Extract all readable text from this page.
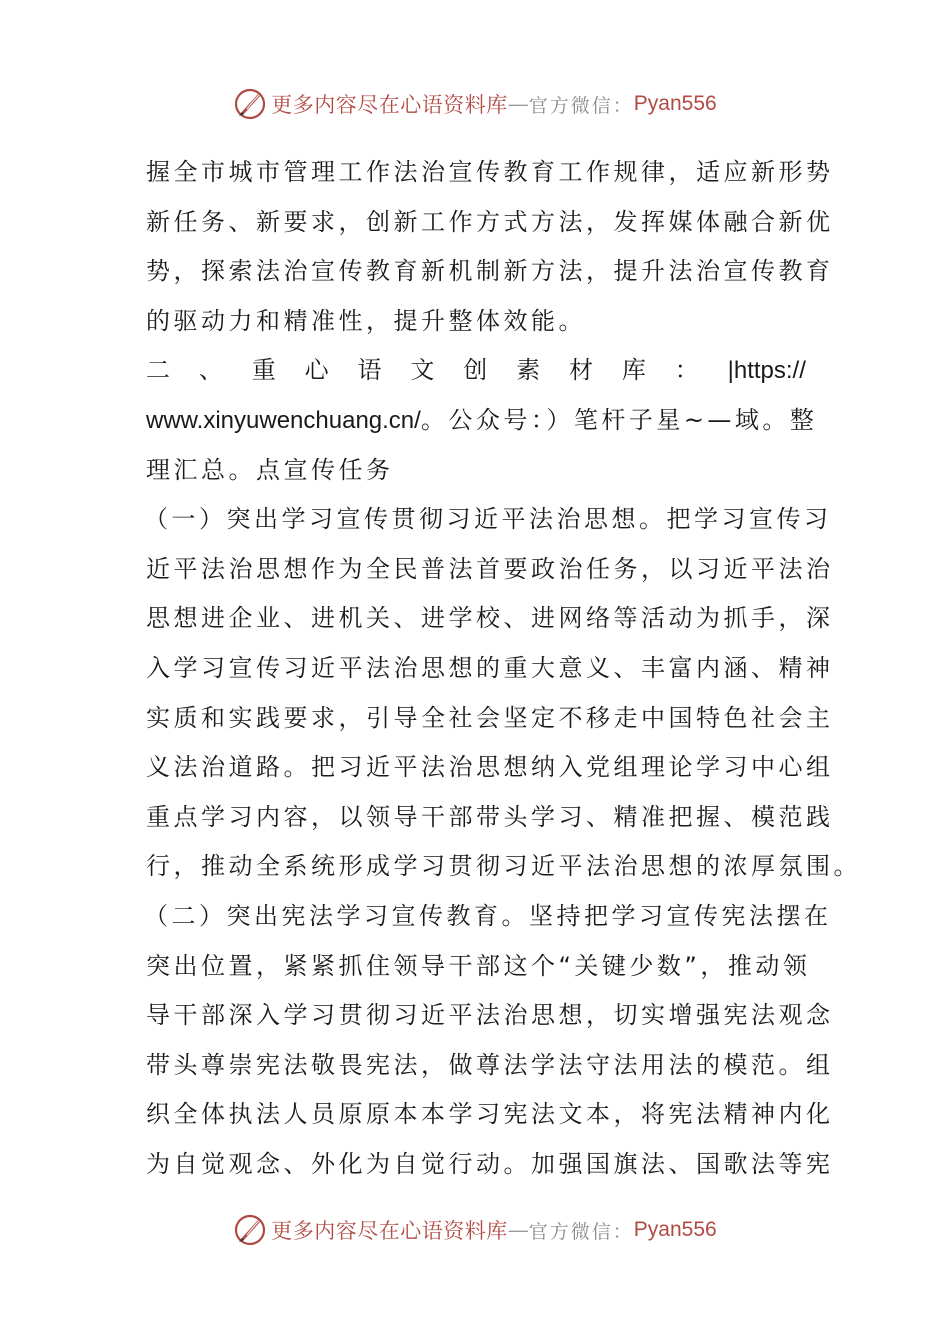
更多内容尽在心语资料库 — 官方微信： Pyan556
握全市城市管理工作法治宣传教育工作规律，适应新形势
新任务、新要求，创新工作方式方法，发挥媒体融合新优
势，探索法治宣传教育新机制新方法，提升法治宣传教育
的驱动力和精准性，提升整体效能。
二 、 重 心 语 文 创 素 材 库 ： |https://
www.xinyuwenchuang.cn/。公众号：）笔杆子星~—域。整
理汇总。点宣传任务
（一）突出学习宣传贯彻习近平法治思想。把学习宣传习
近平法治思想作为全民普法首要政治任务，以习近平法治
思想进企业、进机关、进学校、进网络等活动为抓手，深
入学习宣传习近平法治思想的重大意义、丰富内涵、精神
实质和实践要求，引导全社会坚定不移走中国特色社会主
义法治道路。把习近平法治思想纳入党组理论学习中心组
重点学习内容，以领导干部带头学习、精准把握、模范践
行，推动全系统形成学习贯彻习近平法治思想的浓厚氛围。
（二）突出宪法学习宣传教育。坚持把学习宣传宪法摆在
突出位置，紧紧抓住领导干部这个“关键少数”，推动领
导干部深入学习贯彻习近平法治思想，切实增强宪法观念
带头尊崇宪法敬畏宪法，做尊法学法守法用法的模范。组
织全体执法人员原原本本学习宪法文本，将宪法精神内化
为自觉观念、外化为自觉行动。加强国旗法、国歌法等宪
更多内容尽在心语资料库 — 官方微信： Pyan556
